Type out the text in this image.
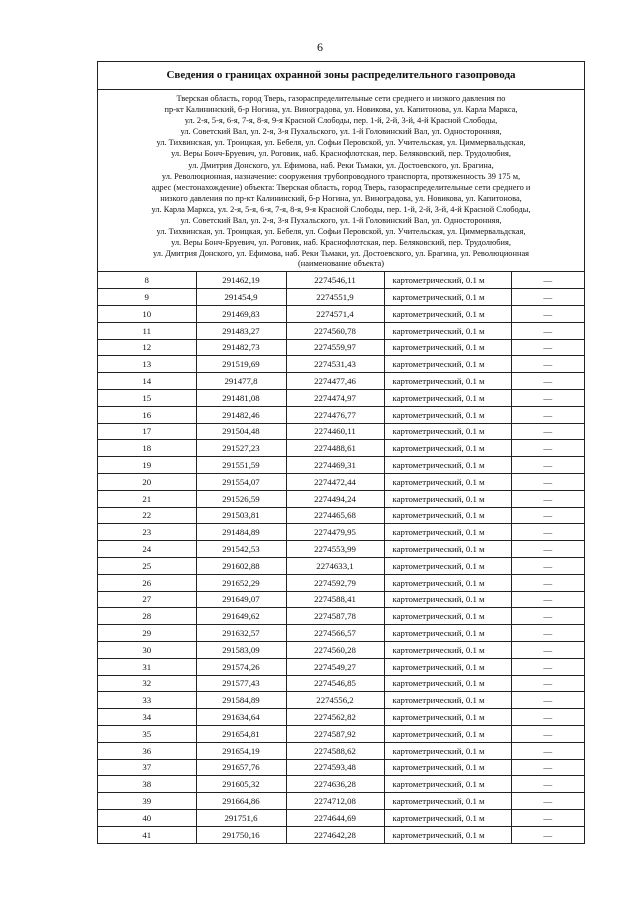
6
Сведения о границах охранной зоны распределительного газопровода
Тверская область, город Тверь, газораспределительные сети среднего и низкого давления по
пр-кт Калининский, б-р Ногина, ул. Виноградова, ул. Новикова, ул. Капитонова, ул. Карла Маркса,
ул. 2-я, 5-я, 6-я, 7-я, 8-я, 9-я Красной Слободы, пер. 1-й, 2-й, 3-й, 4-й Красной Слободы,
ул. Советский Вал, ул. 2-я, 3-я Пухальского, ул. 1-й Головинский Вал, ул. Односторонняя,
ул. Тихвинская, ул. Троицкая, ул. Бебеля, ул. Софьи Перовской, ул. Учительская, ул. Циммервальдская,
ул. Веры Бонч-Бруевич, ул. Роговик, наб. Краснофлотская, пер. Беляковский, пер. Трудолюбия,
ул. Дмитрия Донского, ул. Ефимова, наб. Реки Тьмаки, ул. Достоевского, ул. Брагина,
ул. Революционная, назначение: сооружения трубопроводного транспорта, протяженность 39 175 м,
адрес (местонахождение) объекта: Тверская область, город Тверь, газораспределительные сети среднего и
низкого давления по пр-кт Калининский, б-р Ногина, ул. Виноградова, ул. Новикова, ул. Капитонова,
ул. Карла Маркса, ул. 2-я, 5-я, 6-я, 7-я, 8-я, 9-я Красной Слободы, пер. 1-й, 2-й, 3-й, 4-й Красной Слободы,
ул. Советский Вал, ул. 2-я, 3-я Пухальского, ул. 1-й Головинский Вал, ул. Односторонняя,
ул. Тихвинская, ул. Троицкая, ул. Бебеля, ул. Софьи Перовской, ул. Учительская, ул. Циммервальдская,
ул. Веры Бонч-Бруевич, ул. Роговик, наб. Краснофлотская, пер. Беляковский, пер. Трудолюбия,
ул. Дмитрия Донского, ул. Ефимова, наб. Реки Тьмаки, ул. Достоевского, ул. Брагина, ул. Революционная
(наименование объекта)
8	291462,19	2274546,11	картометрический, 0.1 м	—
9	291454,9	2274551,9	картометрический, 0.1 м	—
10	291469,83	2274571,4	картометрический, 0.1 м	—
11	291483,27	2274560,78	картометрический, 0.1 м	—
12	291482,73	2274559,97	картометрический, 0.1 м	—
13	291519,69	2274531,43	картометрический, 0.1 м	—
14	291477,8	2274477,46	картометрический, 0.1 м	—
15	291481,08	2274474,97	картометрический, 0.1 м	—
16	291482,46	2274476,77	картометрический, 0.1 м	—
17	291504,48	2274460,11	картометрический, 0.1 м	—
18	291527,23	2274488,61	картометрический, 0.1 м	—
19	291551,59	2274469,31	картометрический, 0.1 м	—
20	291554,07	2274472,44	картометрический, 0.1 м	—
21	291526,59	2274494,24	картометрический, 0.1 м	—
22	291503,81	2274465,68	картометрический, 0.1 м	—
23	291484,89	2274479,95	картометрический, 0.1 м	—
24	291542,53	2274553,99	картометрический, 0.1 м	—
25	291602,88	2274633,1	картометрический, 0.1 м	—
26	291652,29	2274592,79	картометрический, 0.1 м	—
27	291649,07	2274588,41	картометрический, 0.1 м	—
28	291649,62	2274587,78	картометрический, 0.1 м	—
29	291632,57	2274566,57	картометрический, 0.1 м	—
30	291583,09	2274560,28	картометрический, 0.1 м	—
31	291574,26	2274549,27	картометрический, 0.1 м	—
32	291577,43	2274546,85	картометрический, 0.1 м	—
33	291584,89	2274556,2	картометрический, 0.1 м	—
34	291634,64	2274562,82	картометрический, 0.1 м	—
35	291654,81	2274587,92	картометрический, 0.1 м	—
36	291654,19	2274588,62	картометрический, 0.1 м	—
37	291657,76	2274593,48	картометрический, 0.1 м	—
38	291605,32	2274636,28	картометрический, 0.1 м	—
39	291664,86	2274712,08	картометрический, 0.1 м	—
40	291751,6	2274644,69	картометрический, 0.1 м	—
41	291750,16	2274642,28	картометрический, 0.1 м	—
